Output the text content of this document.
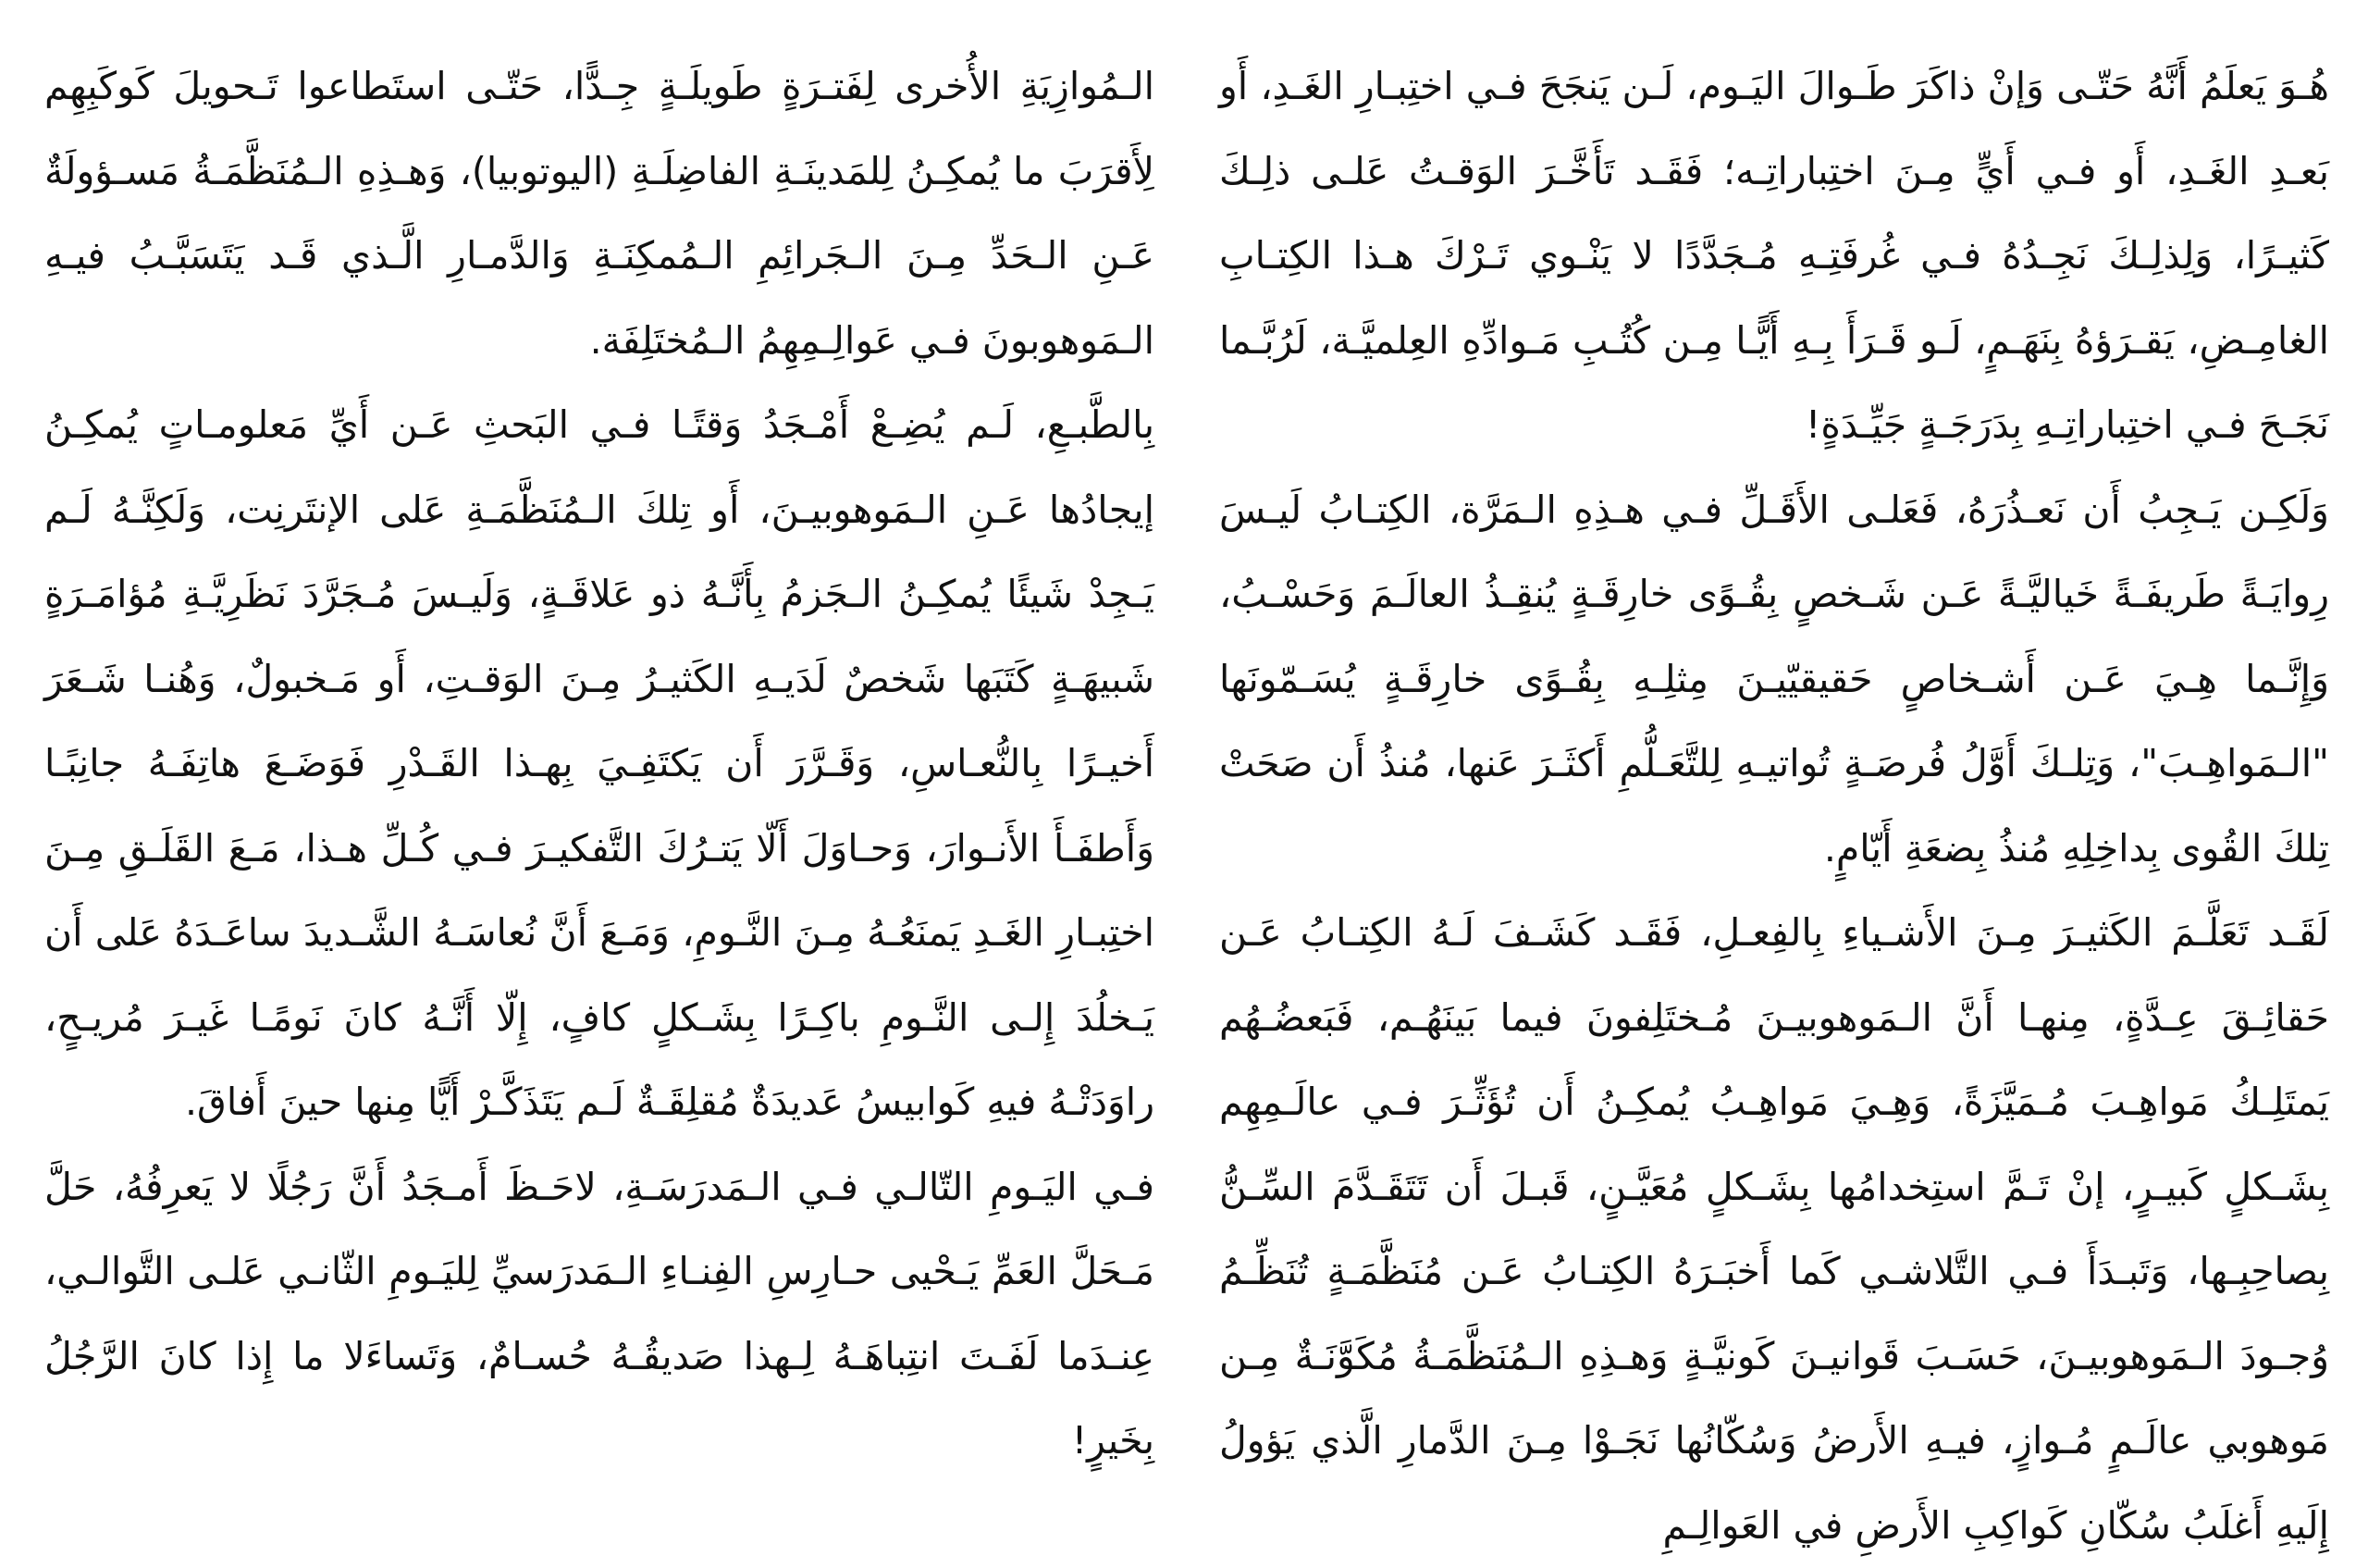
هُـوَ يَعلَمُ أَنَّهُ حَتّـى وَإنْ ذاكَرَ طَـوالَ اليَـوم، لَـن يَنجَحَ فـي اختِبـارِ الغَـدِ، أَو بَعـدِ الغَـدِ، أَو فـي أَيٍّ مِـنَ اختِباراتِـه؛ فَقَـد تَأَخَّـرَ الوَقـتُ عَلـى ذلِـكَ كَثيـرًا، وَلِذلِـكَ نَجِـدُهُ فـي غُرفَتِـهِ مُـجَدَّدًا لا يَنْـوي تَـرْكَ هـذا الكِتـابِ الغامِـضِ، يَقـرَؤهُ بِنَهَـمٍ، لَـو قَـرَأَ بِـهِ أَيًّـا مِـن كُتُـبِ مَـوادِّهِ العِلميَّـة، لَرُبَّـما نَجَـحَ فـي اختِباراتِـهِ بِدَرَجَـةٍ جَيِّـدَةٍ!

وَلَكِـن يَـجِبُ أَن نَعـذُرَهُ، فَعَلـى الأَقَـلِّ فـي هـذِهِ الـمَرَّة، الكِتـابُ لَيـسَ رِوايَـةً طَريفَـةً خَياليَّـةً عَـن شَـخصٍ بِقُـوًى خارِقَـةٍ يُنقِـذُ العالَـمَ وَحَسْـبُ، وَإِنَّـما هِـيَ عَـن أَشـخاصٍ حَقيقيّيـنَ مِثلِـهِ بِقُـوًى خارِقَـةٍ يُسَـمّونَها "الـمَواهِـبَ"، وَتِلـكَ أَوَّلُ فُرصَـةٍ تُواتيـهِ لِلتَّعَـلُّمِ أَكثَـرَ عَنها، مُنذُ أَن صَحَتْ تِلكَ القُوى بِداخِلِهِ مُنذُ بِضعَةِ أَيّامٍ.

لَقَـد تَعَلَّـمَ الكَثيـرَ مِـنَ الأَشـياءِ بِالفِعـلِ، فَقَـد كَشَـفَ لَـهُ الكِتـابُ عَـن حَقائِـقَ عِـدَّةٍ، مِنهـا أَنَّ الـمَوهوبيـنَ مُـختَلِفونَ فيما بَينَهُـم، فَبَعضُـهُم يَمتَلِـكُ مَواهِـبَ مُـمَيَّزَةً، وَهِـيَ مَواهِـبُ يُمكِـنُ أَن تُؤَثِّـرَ فـي عالَـمِهِم بِشَـكلٍ كَبيـرٍ، إنْ تَـمَّ استِخدامُها بِشَـكلٍ مُعَيَّـنٍ، قَبـلَ أَن تَتَقَـدَّمَ السِّـنُّ بِصاحِبِـها، وَتَبـدَأَ فـي التَّلاشـي كَما أَخبَـرَهُ الكِتـابُ عَـن مُنَظَّمَـةٍ تُنَظِّـمُ وُجـودَ الـمَوهوبيـنَ، حَسَـبَ قَوانيـنَ كَونيَّـةٍ وَهـذِهِ الـمُنَظَّمَـةُ مُكَوَّنَـةٌ مِـن مَوهوبي عالَـمٍ مُـوازٍ، فيـهِ الأَرضُ وَسُكّانُها نَجَـوْا مِـنَ الدَّمارِ الَّذي يَؤولُ إِلَيهِ أَغلَبُ سُكّانِ كَواكِبِ الأَرضِ في العَوالِـمِ

الـمُوازِيَةِ الأُخرى لِفَتـرَةٍ طَويلَـةٍ جِـدًّا، حَتّـى استَطاعوا تَـحويلَ كَوكَبِهِم لِأَقرَبَ ما يُمكِـنُ لِلمَدينَـةِ الفاضِلَـةِ (اليوتوبيا)، وَهـذِهِ الـمُنَظَّمَـةُ مَسـؤولَةٌ عَـنِ الـحَدِّ مِـنَ الـجَرائِمِ الـمُمكِنَـةِ وَالدَّمـارِ الَّـذي قَـد يَتَسَبَّـبُ فيـهِ الـمَوهوبونَ فـي عَوالِـمِهِمُ الـمُختَلِفَة.

بِالطَّبـعِ، لَـم يُضِـعْ أَمْـجَدُ وَقتًـا فـي البَحثِ عَـن أَيِّ مَعلومـاتٍ يُمكِـنُ إيجادُها عَـنِ الـمَوهوبيـنَ، أَو تِلكَ الـمُنَظَّمَـةِ عَلى الإنتَرنِت، وَلَكِنَّـهُ لَـم يَـجِدْ شَيئًا يُمكِـنُ الـجَزمُ بِأَنَّـهُ ذو عَلاقَـةٍ، وَلَيـسَ مُـجَرَّدَ نَظَرِيَّـةِ مُؤامَـرَةٍ شَبيهَـةٍ كَتَبَها شَخصٌ لَدَيـهِ الكَثيـرُ مِـنَ الوَقـتِ، أَو مَـخبولٌ، وَهُنـا شَـعَرَ أَخيـرًا بِالنُّعـاسِ، وَقَـرَّرَ أَن يَكتَفِـيَ بِهـذا القَـدْرِ فَوَضَـعَ هاتِفَـهُ جانِبًـا وَأَطفَـأَ الأَنـوارَ، وَحـاوَلَ أَلّا يَتـرُكَ التَّفكيـرَ فـي كُـلِّ هـذا، مَـعَ القَلَـقِ مِـنَ اختِبـارِ الغَـدِ يَمنَعُـهُ مِـنَ النَّـومِ، وَمَـعَ أَنَّ نُعاسَـهُ الشَّـديدَ ساعَـدَهُ عَلى أَن يَـخلُدَ إِلـى النَّـومِ باكِـرًا بِشَـكلٍ كافٍ، إِلّا أَنَّـهُ كانَ نَومًـا غَيـرَ مُريـحٍ، راوَدَتْـهُ فيهِ كَوابيسُ عَديدَةٌ مُقلِقَـةٌ لَـم يَتَذَكَّـرْ أَيًّا مِنها حينَ أَفاقَ.

فـي اليَـومِ التّالـي فـي الـمَدرَسَـةِ، لاحَـظَ أَمـجَدُ أَنَّ رَجُلًا لا يَعرِفُهُ، حَلَّ مَـحَلَّ العَمِّ يَـحْيى حـارِسِ الفِنـاءِ الـمَدرَسيِّ لِليَـومِ الثّانـي عَلـى التَّوالـي، عِنـدَما لَفَـتَ انتِباهَـهُ لِـهذا صَديقُـهُ حُسـامٌ، وَتَساءَلا ما إِذا كانَ الرَّجُلُ بِخَيرٍ!
